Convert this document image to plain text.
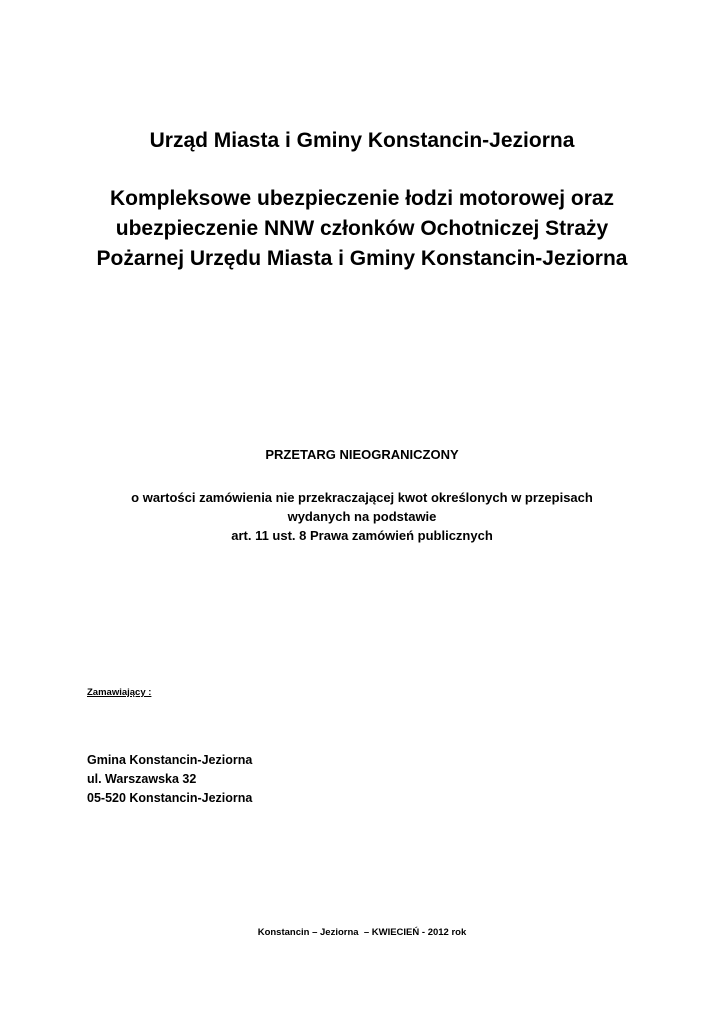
Urząd Miasta i Gminy Konstancin-Jeziorna
Kompleksowe ubezpieczenie łodzi motorowej oraz
ubezpieczenie NNW członków Ochotniczej Straży
Pożarnej Urzędu Miasta i Gminy Konstancin-Jeziorna
PRZETARG NIEOGRANICZONY
o wartości zamówienia nie przekraczającej kwot określonych w przepisach
wydanych na podstawie
art. 11 ust. 8 Prawa zamówień publicznych
Zamawiający :
Gmina Konstancin-Jeziorna
ul. Warszawska 32
05-520 Konstancin-Jeziorna
Konstancin – Jeziorna  – KWIECIEŃ - 2012 rok
